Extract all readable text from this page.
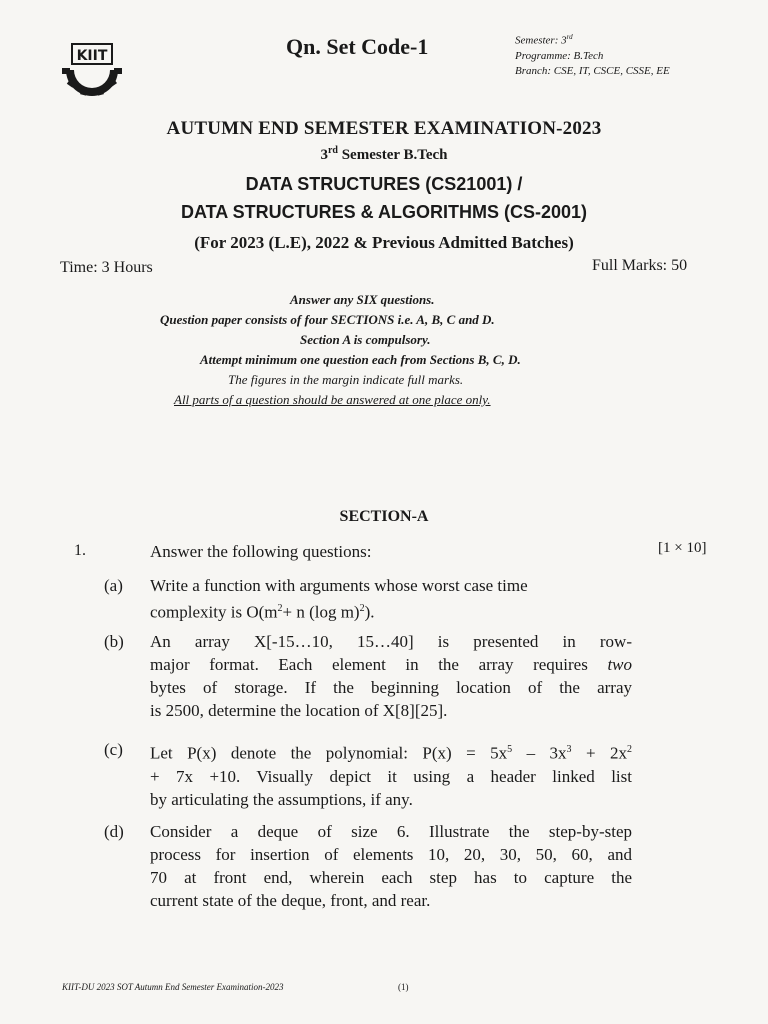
KIIT	Qn. Set Code-1	Semester: 3rd
Programme: B.Tech
Branch: CSE, IT, CSCE, CSSE, EE
AUTUMN END SEMESTER EXAMINATION-2023
3rd Semester B.Tech
DATA STRUCTURES (CS21001) /
DATA STRUCTURES & ALGORITHMS (CS-2001)
(For 2023 (L.E), 2022 & Previous Admitted Batches)
Time: 3 Hours	Full Marks: 50
Answer any SIX questions.
Question paper consists of four SECTIONS i.e. A, B, C and D.
Section A is compulsory.
Attempt minimum one question each from Sections B, C, D.
The figures in the margin indicate full marks.
All parts of a question should be answered at one place only.
SECTION-A
1.	Answer the following questions:	[1 × 10]
(a) Write a function with arguments whose worst case time
complexity is $O(m^2+ n$ (log m)$^2$).
(b) An array X[-15…10, 15…40] is presented in row-
major format. Each element in the array requires two
bytes of storage. If the beginning location of the array
is 2500, determine the location of X[8][25].
(c) Let P(x) denote the polynomial: $P(x) = 5x^5 - 3x^3 + 2x^2$
+ 7x +10. Visually depict it using a header linked list
by articulating the assumptions, if any.
(d) Consider a deque of size 6. Illustrate the step-by-step
process for insertion of elements 10, 20, 30, 50, 60, and
70 at front end, wherein each step has to capture the
current state of the deque, front, and rear.
KIIT-DU 2023 SOT Autumn End Semester Examination-2023	(1)
